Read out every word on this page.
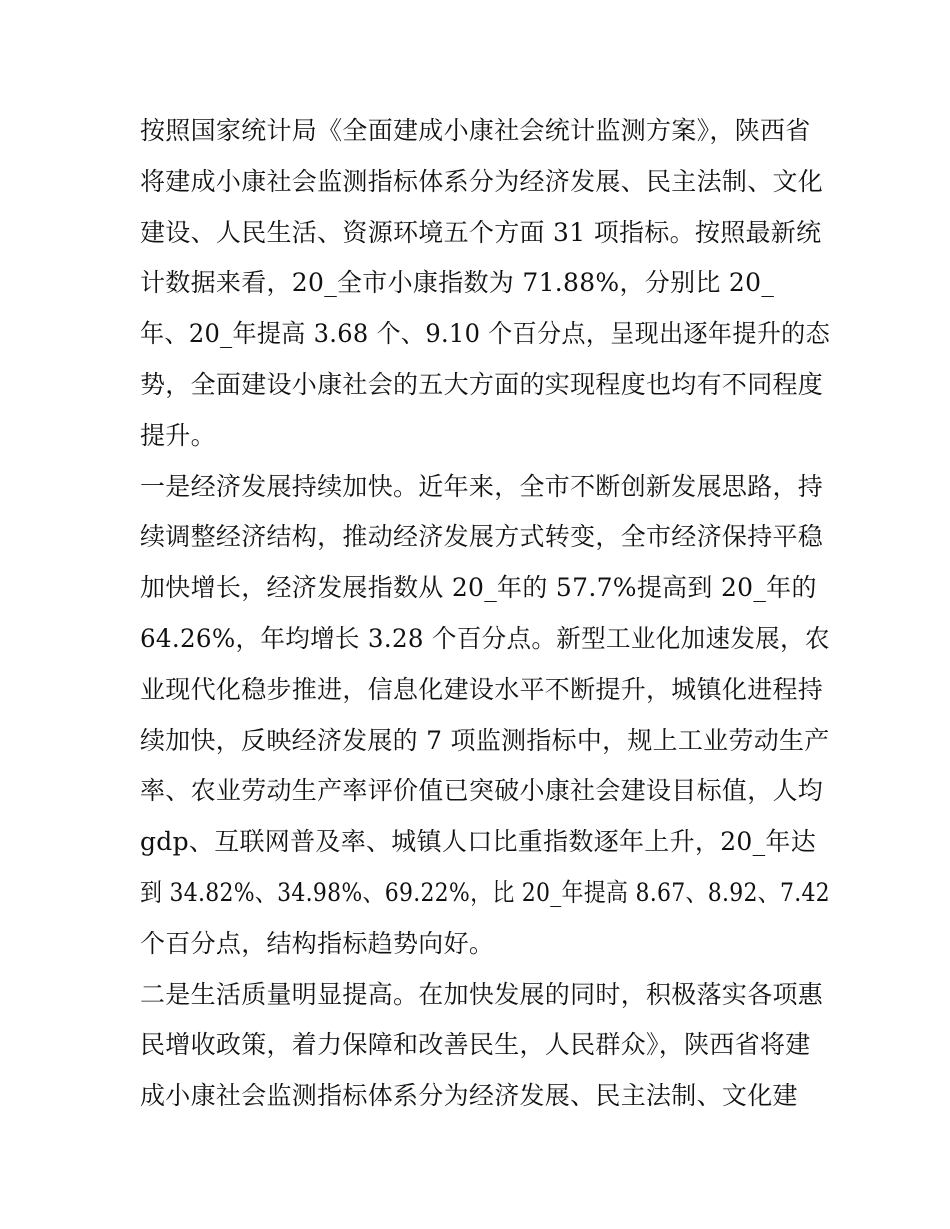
按照国家统计局《全面建成小康社会统计监测方案》，陕西省
将建成小康社会监测指标体系分为经济发展、民主法制、文化
建设、人民生活、资源环境五个方面 31 项指标。按照最新统
计数据来看，20_全市小康指数为 71.88%，分别比 20_
年、20_年提高 3.68 个、9.10 个百分点，呈现出逐年提升的态
势，全面建设小康社会的五大方面的实现程度也均有不同程度
提升。
一是经济发展持续加快。近年来，全市不断创新发展思路，持
续调整经济结构，推动经济发展方式转变，全市经济保持平稳
加快增长，经济发展指数从 20_年的 57.7%提高到 20_年的
64.26%，年均增长 3.28 个百分点。新型工业化加速发展，农
业现代化稳步推进，信息化建设水平不断提升，城镇化进程持
续加快，反映经济发展的 7 项监测指标中，规上工业劳动生产
率、农业劳动生产率评价值已突破小康社会建设目标值，人均
gdp、互联网普及率、城镇人口比重指数逐年上升，20_年达
到 34.82%、34.98%、69.22%，比 20_年提高 8.67、8.92、7.42
个百分点，结构指标趋势向好。
二是生活质量明显提高。在加快发展的同时，积极落实各项惠
民增收政策，着力保障和改善民生，人民群众》，陕西省将建
成小康社会监测指标体系分为经济发展、民主法制、文化建
